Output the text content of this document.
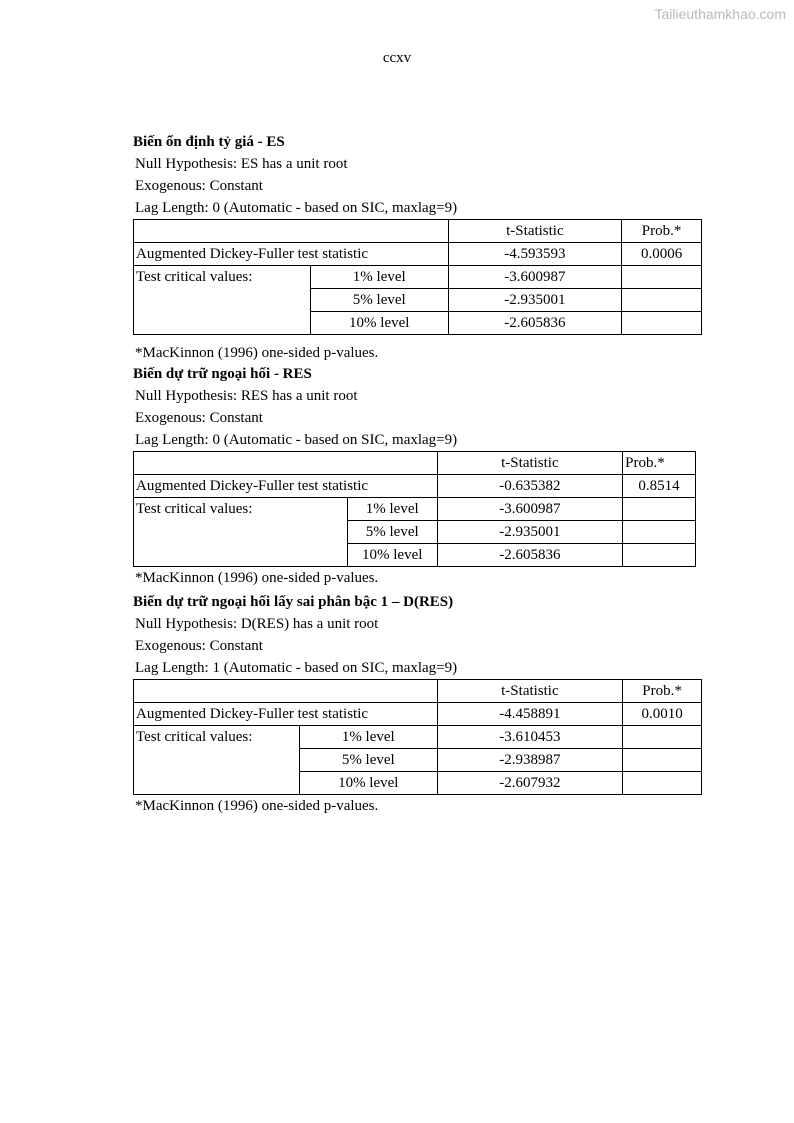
Tailieuthamkhao.com
ccxv
Biến ổn định tỷ giá - ES
Null Hypothesis: ES has a unit root
Exogenous: Constant
Lag Length: 0 (Automatic - based on SIC, maxlag=9)
		t-Statistic	Prob.*
Augmented Dickey-Fuller test statistic		-4.593593	0.0006
Test critical values:	1% level	-3.600987	
	5% level	-2.935001	
	10% level	-2.605836	
*MacKinnon (1996) one-sided p-values.
Biến dự trữ ngoại hối - RES
Null Hypothesis: RES has a unit root
Exogenous: Constant
Lag Length: 0 (Automatic - based on SIC, maxlag=9)
		t-Statistic	Prob.*
Augmented Dickey-Fuller test statistic		-0.635382	0.8514
Test critical values:	1% level	-3.600987	
	5% level	-2.935001	
	10% level	-2.605836	
*MacKinnon (1996) one-sided p-values.
Biến dự trữ ngoại hối lấy sai phân bậc 1 – D(RES)
Null Hypothesis: D(RES) has a unit root
Exogenous: Constant
Lag Length: 1 (Automatic - based on SIC, maxlag=9)
		t-Statistic	Prob.*
Augmented Dickey-Fuller test statistic		-4.458891	0.0010
Test critical values:	1% level	-3.610453	
	5% level	-2.938987	
	10% level	-2.607932	
*MacKinnon (1996) one-sided p-values.
